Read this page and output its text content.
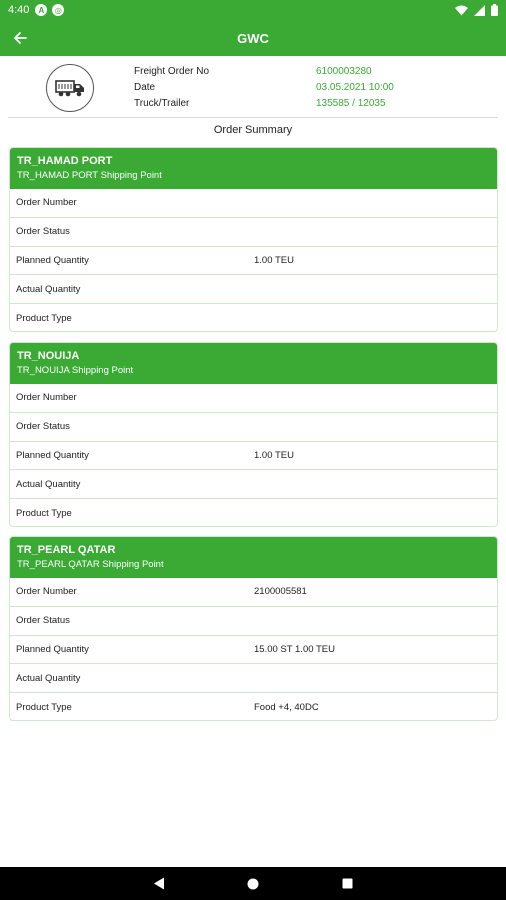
4:40	A	◎
GWC
Freight Order No	6100003280
Date	03.05.2021 10:00
Truck/Trailer	135585 / 12035
Order Summary
TR_HAMAD PORT
TR_HAMAD PORT Shipping Point
Order Number
Order Status
Planned Quantity	1.00 TEU
Actual Quantity
Product Type
TR_NOUIJA
TR_NOUIJA Shipping Point
Order Number
Order Status
Planned Quantity	1.00 TEU
Actual Quantity
Product Type
TR_PEARL QATAR
TR_PEARL QATAR Shipping Point
Order Number	2100005581
Order Status
Planned Quantity	15.00 ST 1.00 TEU
Actual Quantity
Product Type	Food +4, 40DC
